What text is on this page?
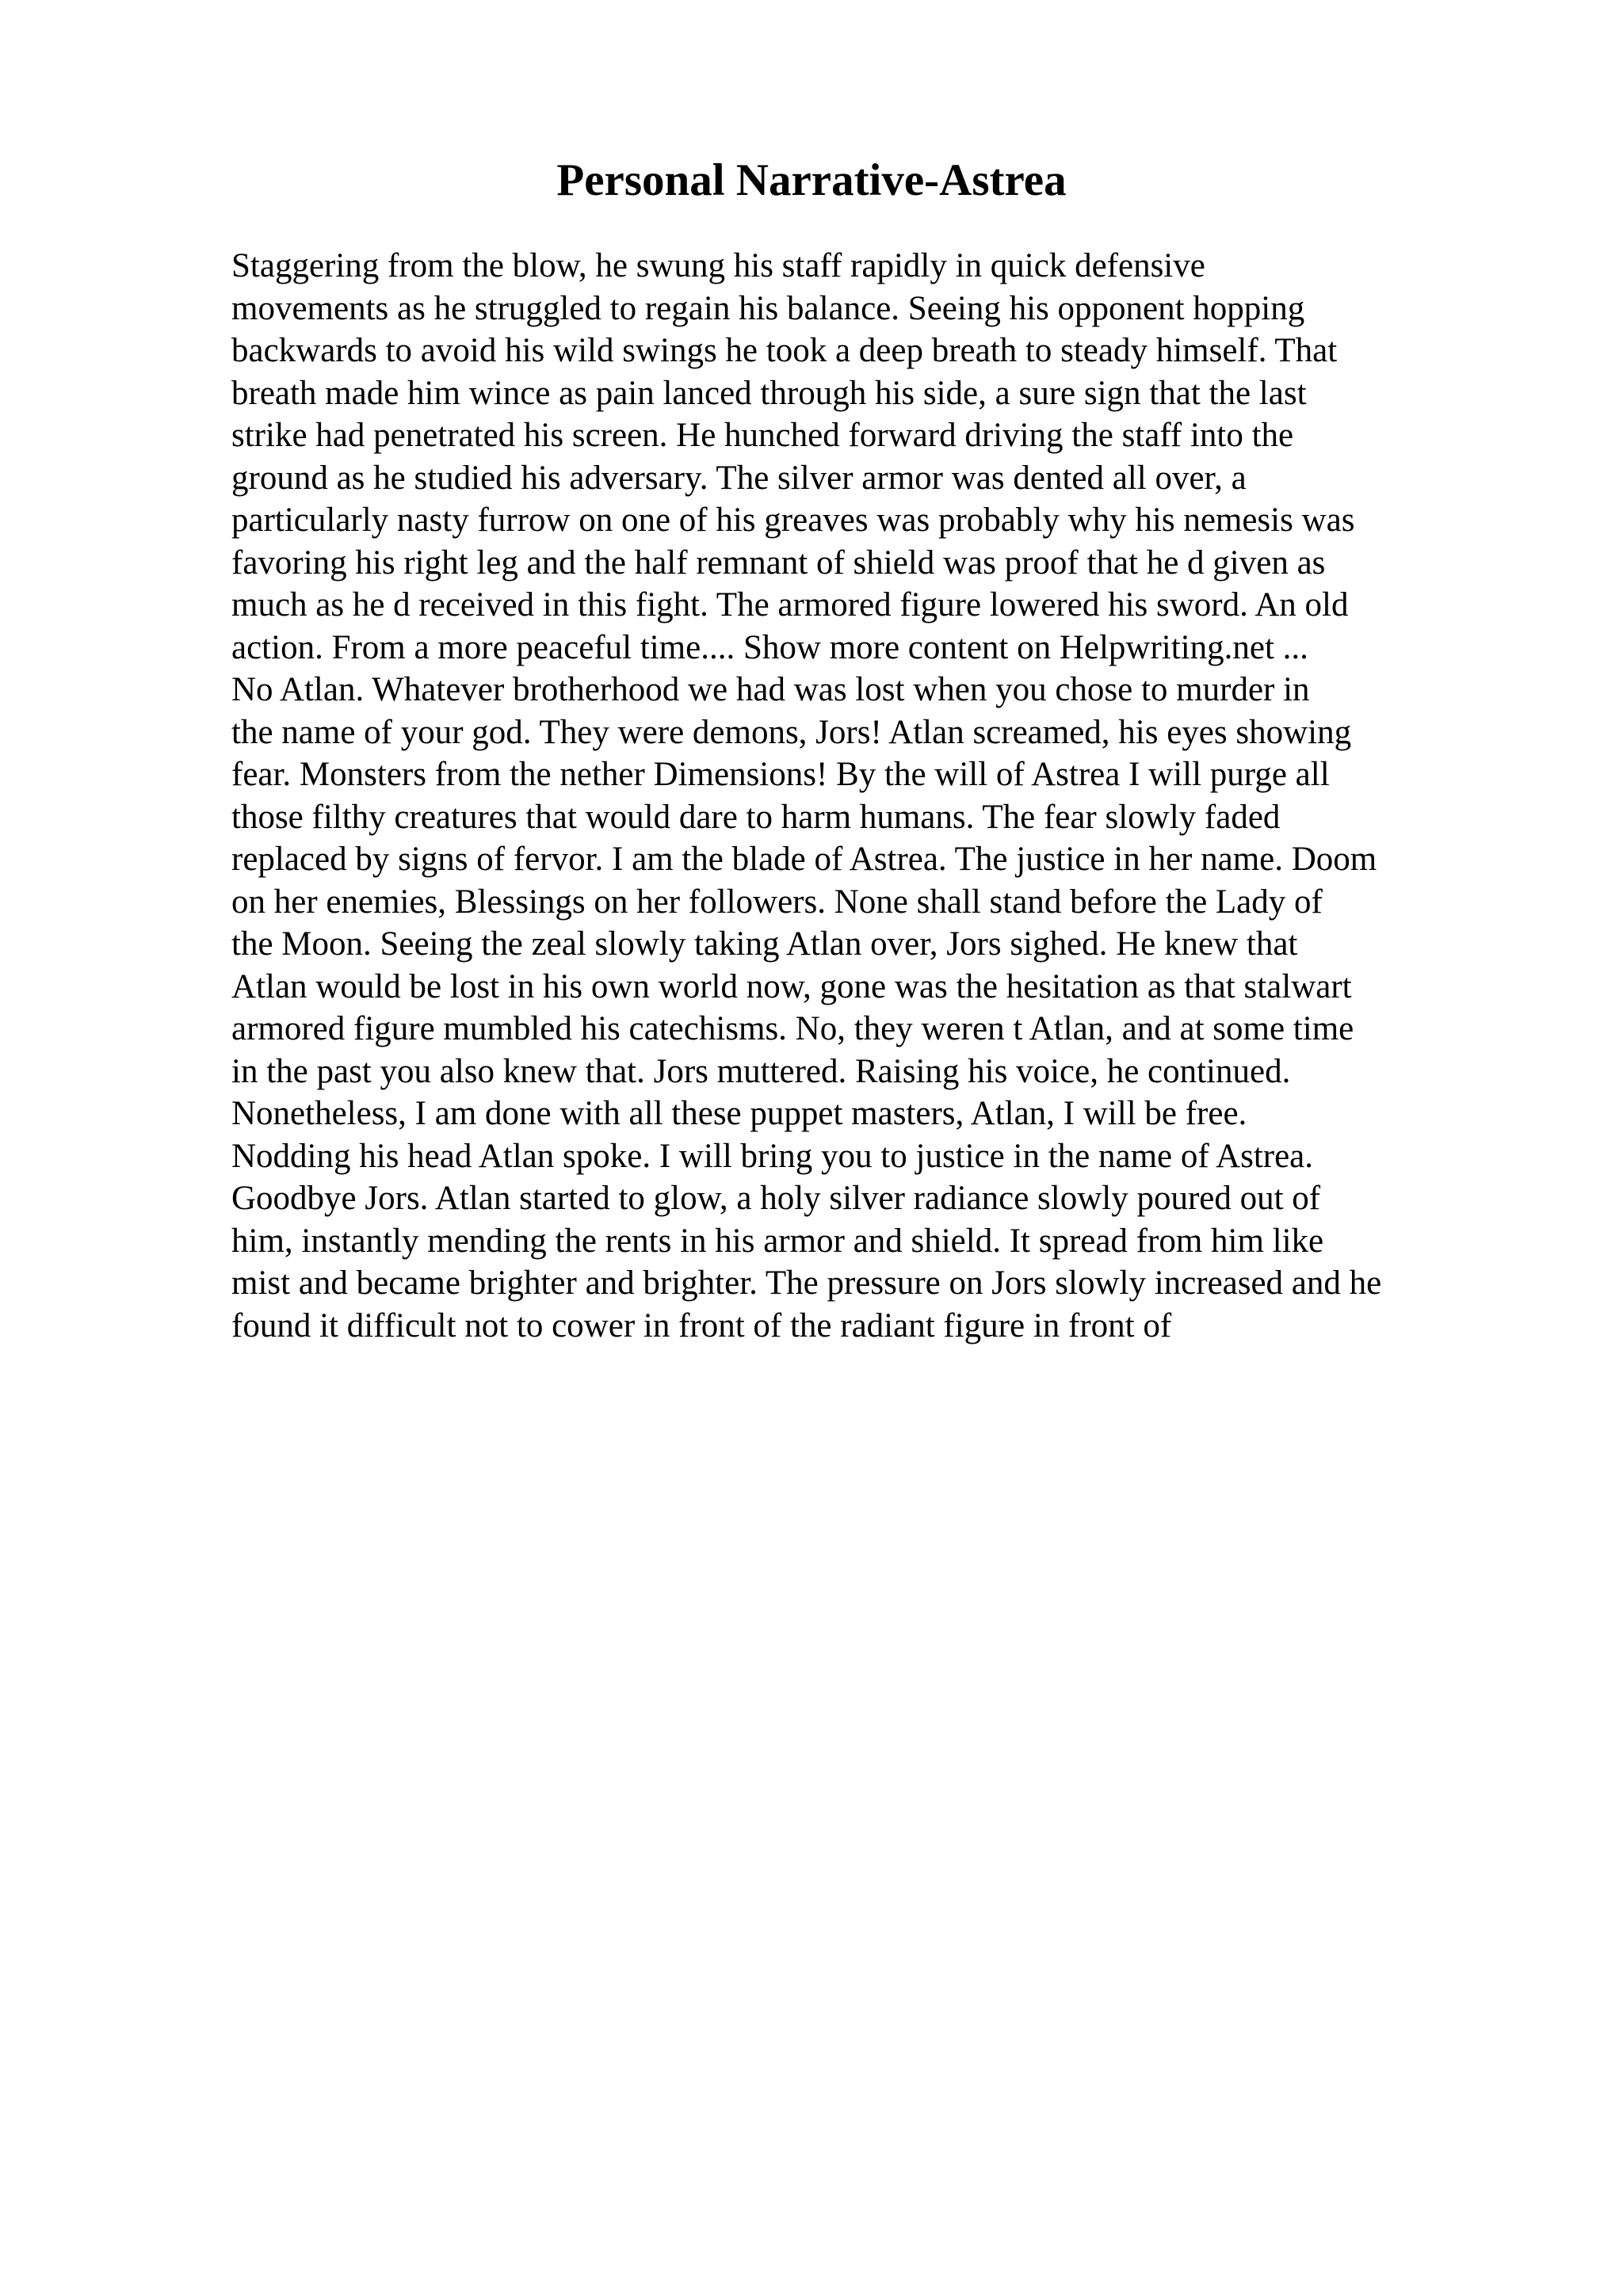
Personal Narrative-Astrea
Staggering from the blow, he swung his staff rapidly in quick defensive
movements as he struggled to regain his balance. Seeing his opponent hopping
backwards to avoid his wild swings he took a deep breath to steady himself. That
breath made him wince as pain lanced through his side, a sure sign that the last
strike had penetrated his screen. He hunched forward driving the staff into the
ground as he studied his adversary. The silver armor was dented all over, a
particularly nasty furrow on one of his greaves was probably why his nemesis was
favoring his right leg and the half remnant of shield was proof that he d given as
much as he d received in this fight. The armored figure lowered his sword. An old
action. From a more peaceful time.... Show more content on Helpwriting.net ...
No Atlan. Whatever brotherhood we had was lost when you chose to murder in
the name of your god. They were demons, Jors! Atlan screamed, his eyes showing
fear. Monsters from the nether Dimensions! By the will of Astrea I will purge all
those filthy creatures that would dare to harm humans. The fear slowly faded
replaced by signs of fervor. I am the blade of Astrea. The justice in her name. Doom
on her enemies, Blessings on her followers. None shall stand before the Lady of
the Moon. Seeing the zeal slowly taking Atlan over, Jors sighed. He knew that
Atlan would be lost in his own world now, gone was the hesitation as that stalwart
armored figure mumbled his catechisms. No, they weren t Atlan, and at some time
in the past you also knew that. Jors muttered. Raising his voice, he continued.
Nonetheless, I am done with all these puppet masters, Atlan, I will be free.
Nodding his head Atlan spoke. I will bring you to justice in the name of Astrea.
Goodbye Jors. Atlan started to glow, a holy silver radiance slowly poured out of
him, instantly mending the rents in his armor and shield. It spread from him like
mist and became brighter and brighter. The pressure on Jors slowly increased and he
found it difficult not to cower in front of the radiant figure in front of
